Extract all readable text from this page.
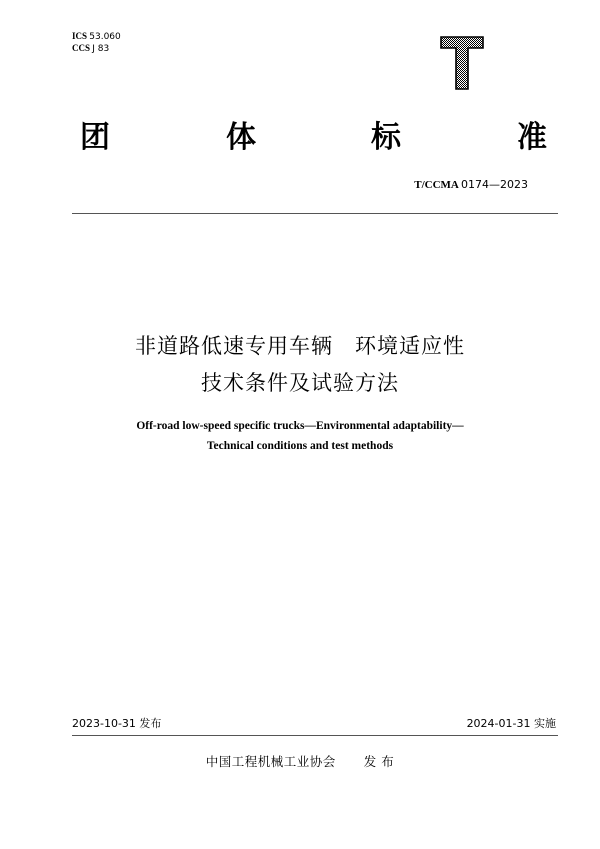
ICS 53.060
CCS J 83
团	体	标	准
T/CCMA 0174—2023
非道路低速专用车辆　环境适应性
技术条件及试验方法
Off-road low-speed specific trucks—Environmental adaptability—
Technical conditions and test methods
2023-10-31 发布	2024-01-31 实施
中国工程机械工业协会 发 布
